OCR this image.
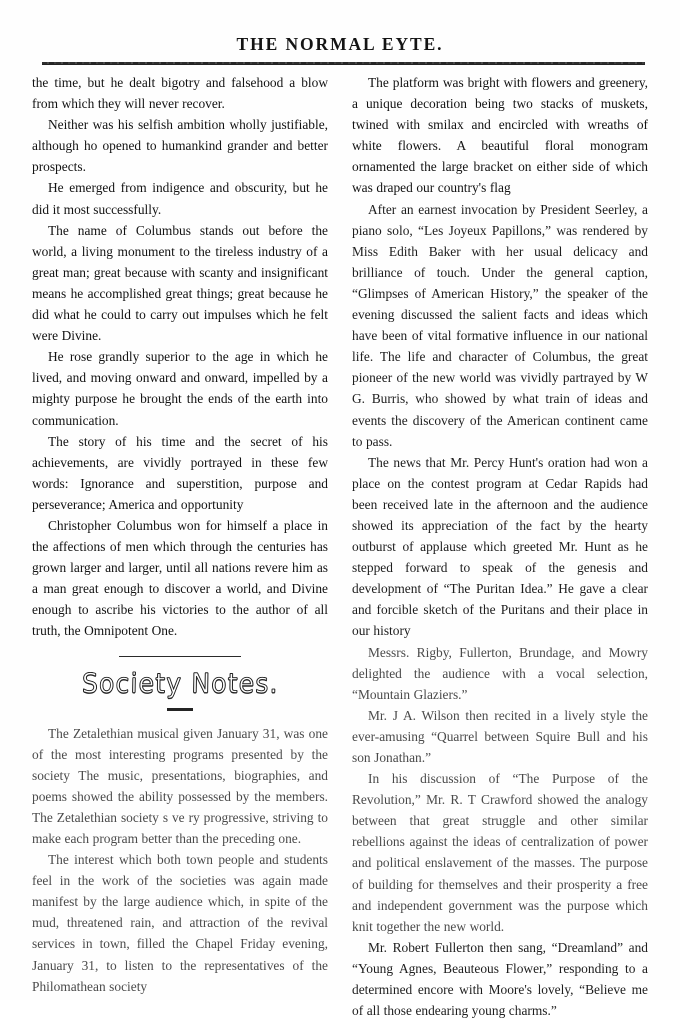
THE NORMAL EYTE.

the time, but he dealt bigotry and falsehood a blow from which they will never recover.

Neither was his selfish ambition wholly justifiable, although ho opened to humankind grander and better prospects.

He emerged from indigence and obscurity, but he did it most successfully.

The name of Columbus stands out before the world, a living monument to the tireless industry of a great man; great because with scanty and insignificant means he accomplished great things; great because he did what he could to carry out impulses which he felt were Divine.

He rose grandly superior to the age in which he lived, and moving onward and onward, impelled by a mighty purpose he brought the ends of the earth into communication.

The story of his time and the secret of his achievements, are vividly portrayed in these few words: Ignorance and superstition, purpose and perseverance; America and opportunity

Christopher Columbus won for himself a place in the affections of men which through the centuries has grown larger and larger, until all nations revere him as a man great enough to discover a world, and Divine enough to ascribe his victories to the author of all truth, the Omnipotent One.

Society Notes.

The Zetalethian musical given January 31, was one of the most interesting programs presented by the society The music, presentations, biographies, and poems showed the ability possessed by the members. The Zetalethian society s ve ry progressive, striving to make each program better than the preceding one.

The interest which both town people and students feel in the work of the societies was again made manifest by the large audience which, in spite of the mud, threatened rain, and attraction of the revival services in town, filled the Chapel Friday evening, January 31, to listen to the representatives of the Philomathean society

The platform was bright with flowers and greenery, a unique decoration being two stacks of muskets, twined with smilax and encircled with wreaths of white flowers. A beautiful floral monogram ornamented the large bracket on either side of which was draped our country's flag

After an earnest invocation by President Seerley, a piano solo, “Les Joyeux Papillons,” was rendered by Miss Edith Baker with her usual delicacy and brilliance of touch. Under the general caption, “Glimpses of American History,” the speaker of the evening discussed the salient facts and ideas which have been of vital formative influence in our national life. The life and character of Columbus, the great pioneer of the new world was vividly partrayed by W G. Burris, who showed by what train of ideas and events the discovery of the American continent came to pass.

The news that Mr. Percy Hunt's oration had won a place on the contest program at Cedar Rapids had been received late in the afternoon and the audience showed its appreciation of the fact by the hearty outburst of applause which greeted Mr. Hunt as he stepped forward to speak of the genesis and development of “The Puritan Idea.” He gave a clear and forcible sketch of the Puritans and their place in our history

Messrs. Rigby, Fullerton, Brundage, and Mowry delighted the audience with a vocal selection, “Mountain Glaziers.”

Mr. J A. Wilson then recited in a lively style the ever-amusing “Quarrel between Squire Bull and his son Jonathan.”

In his discussion of “The Purpose of the Revolution,” Mr. R. T Crawford showed the analogy between that great struggle and other similar rebellions against the ideas of centralization of power and political enslavement of the masses. The purpose of building for themselves and their prosperity a free and independent government was the purpose which knit together the new world.

Mr. Robert Fullerton then sang, “Dreamland” and “Young Agnes, Beauteous Flower,” responding to a determined encore with Moore's lovely, “Believe me of all those endearing young charms.”
